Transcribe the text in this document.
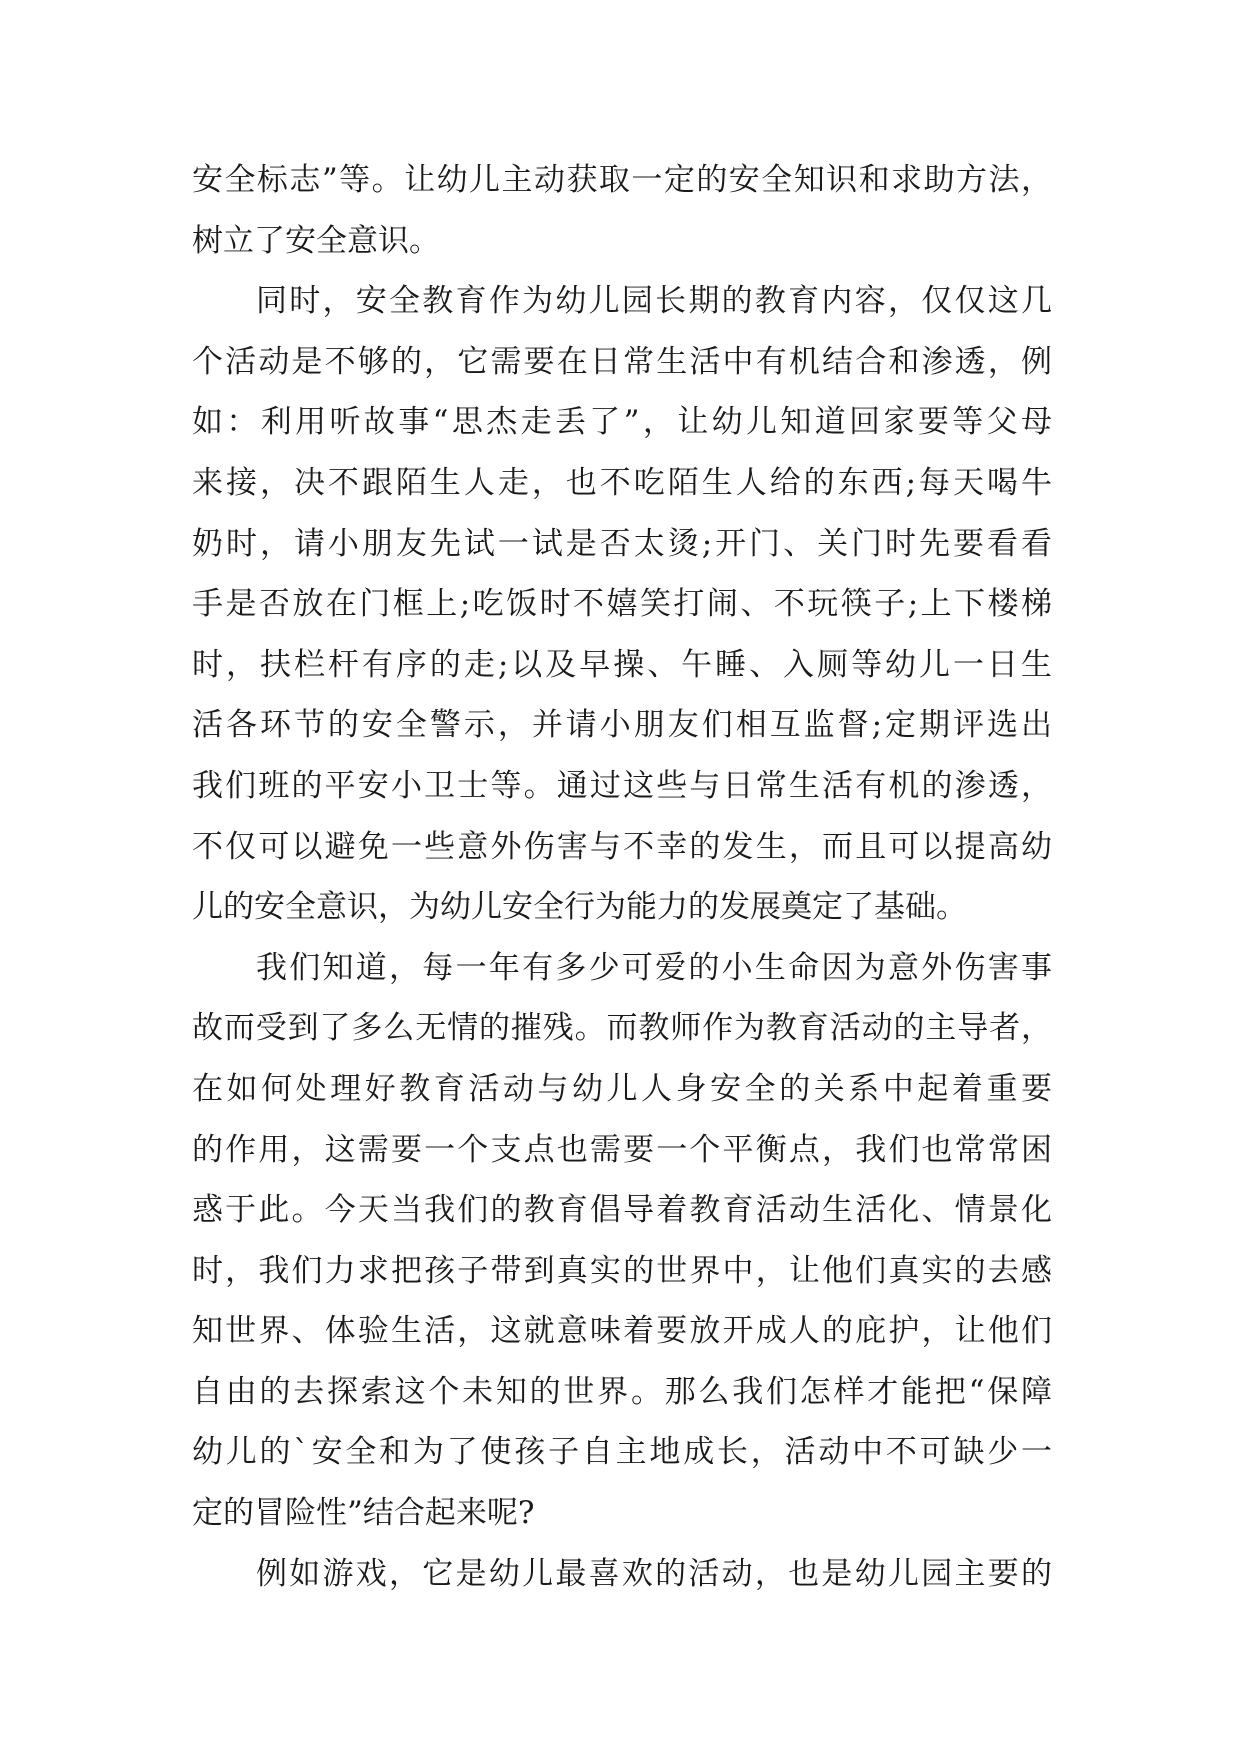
安全标志”等。让幼儿主动获取一定的安全知识和求助方法，
树立了安全意识。
同时，安全教育作为幼儿园长期的教育内容，仅仅这几
个活动是不够的，它需要在日常生活中有机结合和渗透，例
如：利用听故事“思杰走丢了”，让幼儿知道回家要等父母
来接，决不跟陌生人走，也不吃陌生人给的东西;每天喝牛
奶时，请小朋友先试一试是否太烫;开门、关门时先要看看
手是否放在门框上;吃饭时不嬉笑打闹、不玩筷子;上下楼梯
时，扶栏杆有序的走;以及早操、午睡、入厕等幼儿一日生
活各环节的安全警示，并请小朋友们相互监督;定期评选出
我们班的平安小卫士等。通过这些与日常生活有机的渗透，
不仅可以避免一些意外伤害与不幸的发生，而且可以提高幼
儿的安全意识，为幼儿安全行为能力的发展奠定了基础。
我们知道，每一年有多少可爱的小生命因为意外伤害事
故而受到了多么无情的摧残。而教师作为教育活动的主导者，
在如何处理好教育活动与幼儿人身安全的关系中起着重要
的作用，这需要一个支点也需要一个平衡点，我们也常常困
惑于此。今天当我们的教育倡导着教育活动生活化、情景化
时，我们力求把孩子带到真实的世界中，让他们真实的去感
知世界、体验生活，这就意味着要放开成人的庇护，让他们
自由的去探索这个未知的世界。那么我们怎样才能把“保障
幼儿的`安全和为了使孩子自主地成长，活动中不可缺少一
定的冒险性”结合起来呢?
例如游戏，它是幼儿最喜欢的活动，也是幼儿园主要的
